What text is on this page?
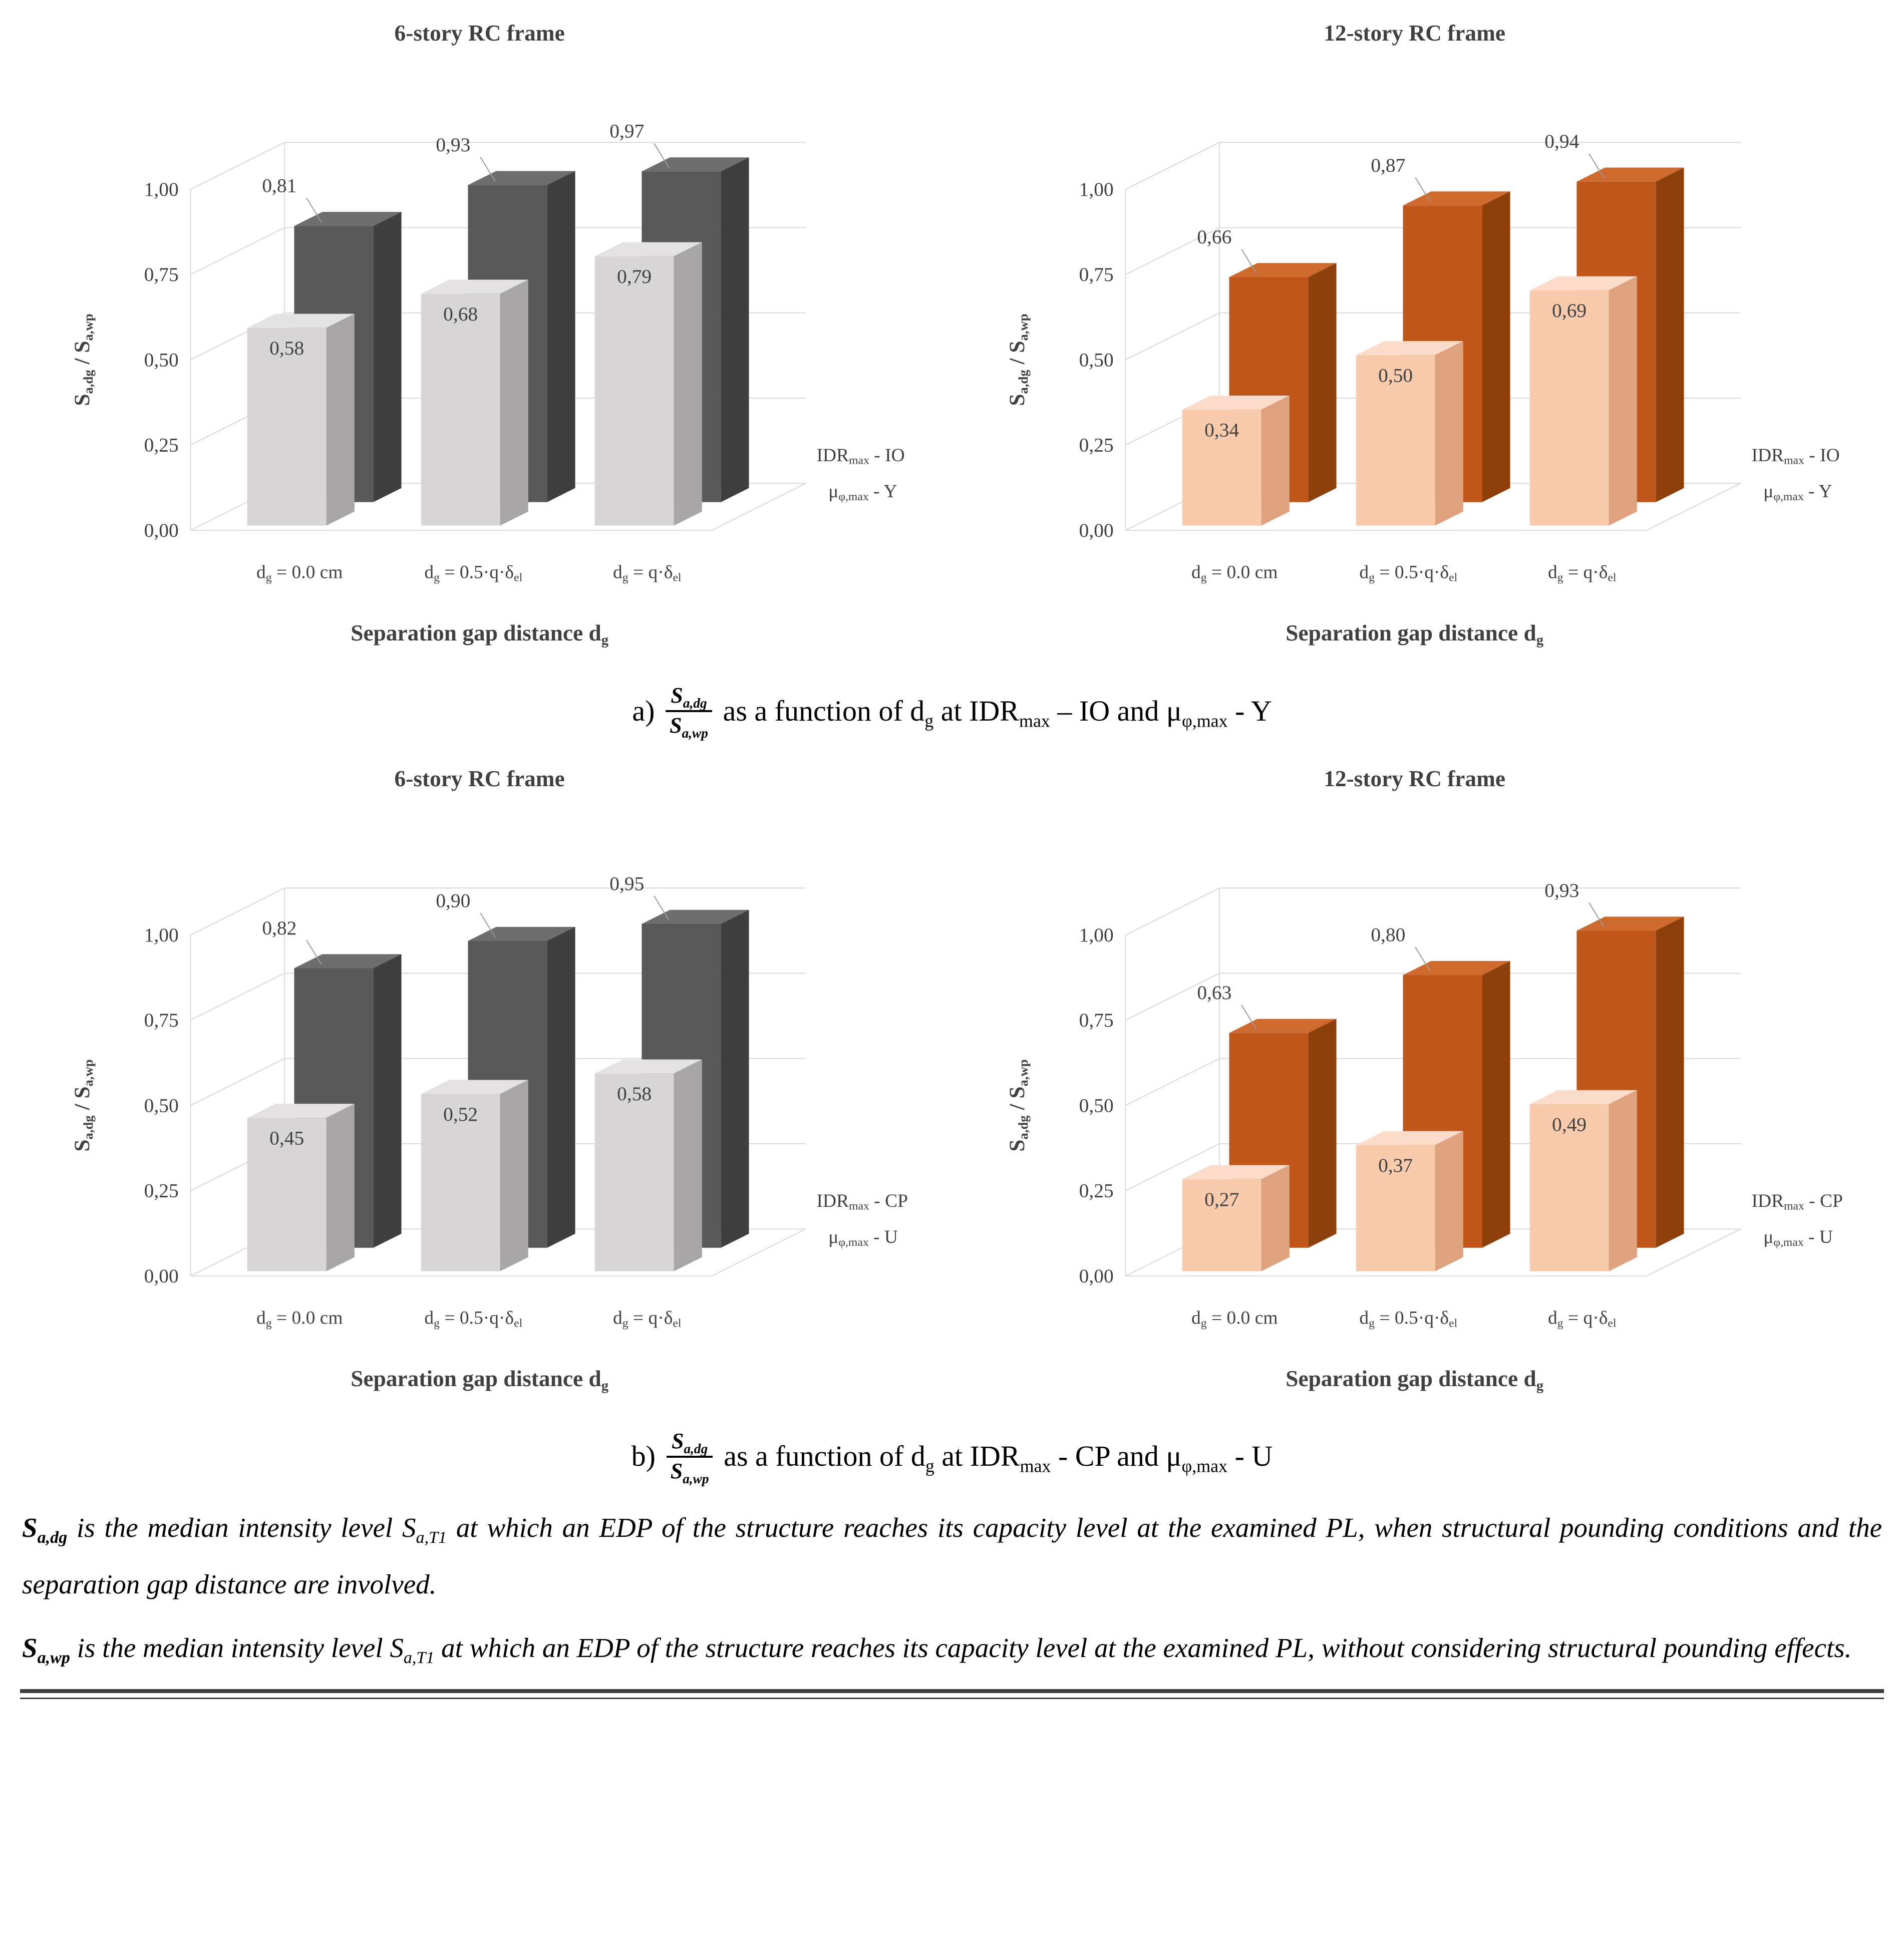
0,00
0,25
0,50
0,75
1,00	0,81
0,93
0,97
0,58
0,68
0,79
dg = 0.0 cm	dg = 0.5·q·δel	dg = q·δel
6-story RC frame
Sa,dg / Sa,wp
Separation gap distance dg
IDRmax - IO
μφ,max - Y
0,00
0,25
0,50
0,75
1,00
0,66
0,87
0,94
0,34
0,50
0,69
dg = 0.0 cm	dg = 0.5·q·δel	dg = q·δel
12-story RC frame
Sa,dg / Sa,wp
Separation gap distance dg
IDRmax - IO
μφ,max - Y
$a) \frac{S_{a,dg}}{S_{a,wp}}$ as a function of $d_g$ at $IDR_{max}$ – IO and $\mu_{\varphi,max}$ - Y
0,00
0,25
0,50
0,75
1,00	0,82
0,90
0,95
0,45
0,52
0,58
dg = 0.0 cm	dg = 0.5·q·δel	dg = q·δel
6-story RC frame
Sa,dg / Sa,wp
Separation gap distance dg
IDRmax - CP
μφ,max - U
0,00
0,25
0,50
0,75
1,00
0,63
0,80
0,93
0,27
0,37
0,49
dg = 0.0 cm	dg = 0.5·q·δel	dg = q·δel
12-story RC frame
Sa,dg / Sa,wp
Separation gap distance dg
IDRmax - CP
μφ,max - U
$b) \frac{S_{a,dg}}{S_{a,wp}}$ as a function of $d_g$ at $IDR_{max}$ - CP and $\mu_{\varphi,max}$ - U

$S_{a,dg}$ is the median intensity level $S_{a,T1}$ at which an EDP of the structure reaches its capacity level at the examined PL, when structural pounding conditions and the separation gap distance are involved.

$S_{a,wp}$ is the median intensity level $S_{a,T1}$ at which an EDP of the structure reaches its capacity level at the examined PL, without considering structural pounding effects.
